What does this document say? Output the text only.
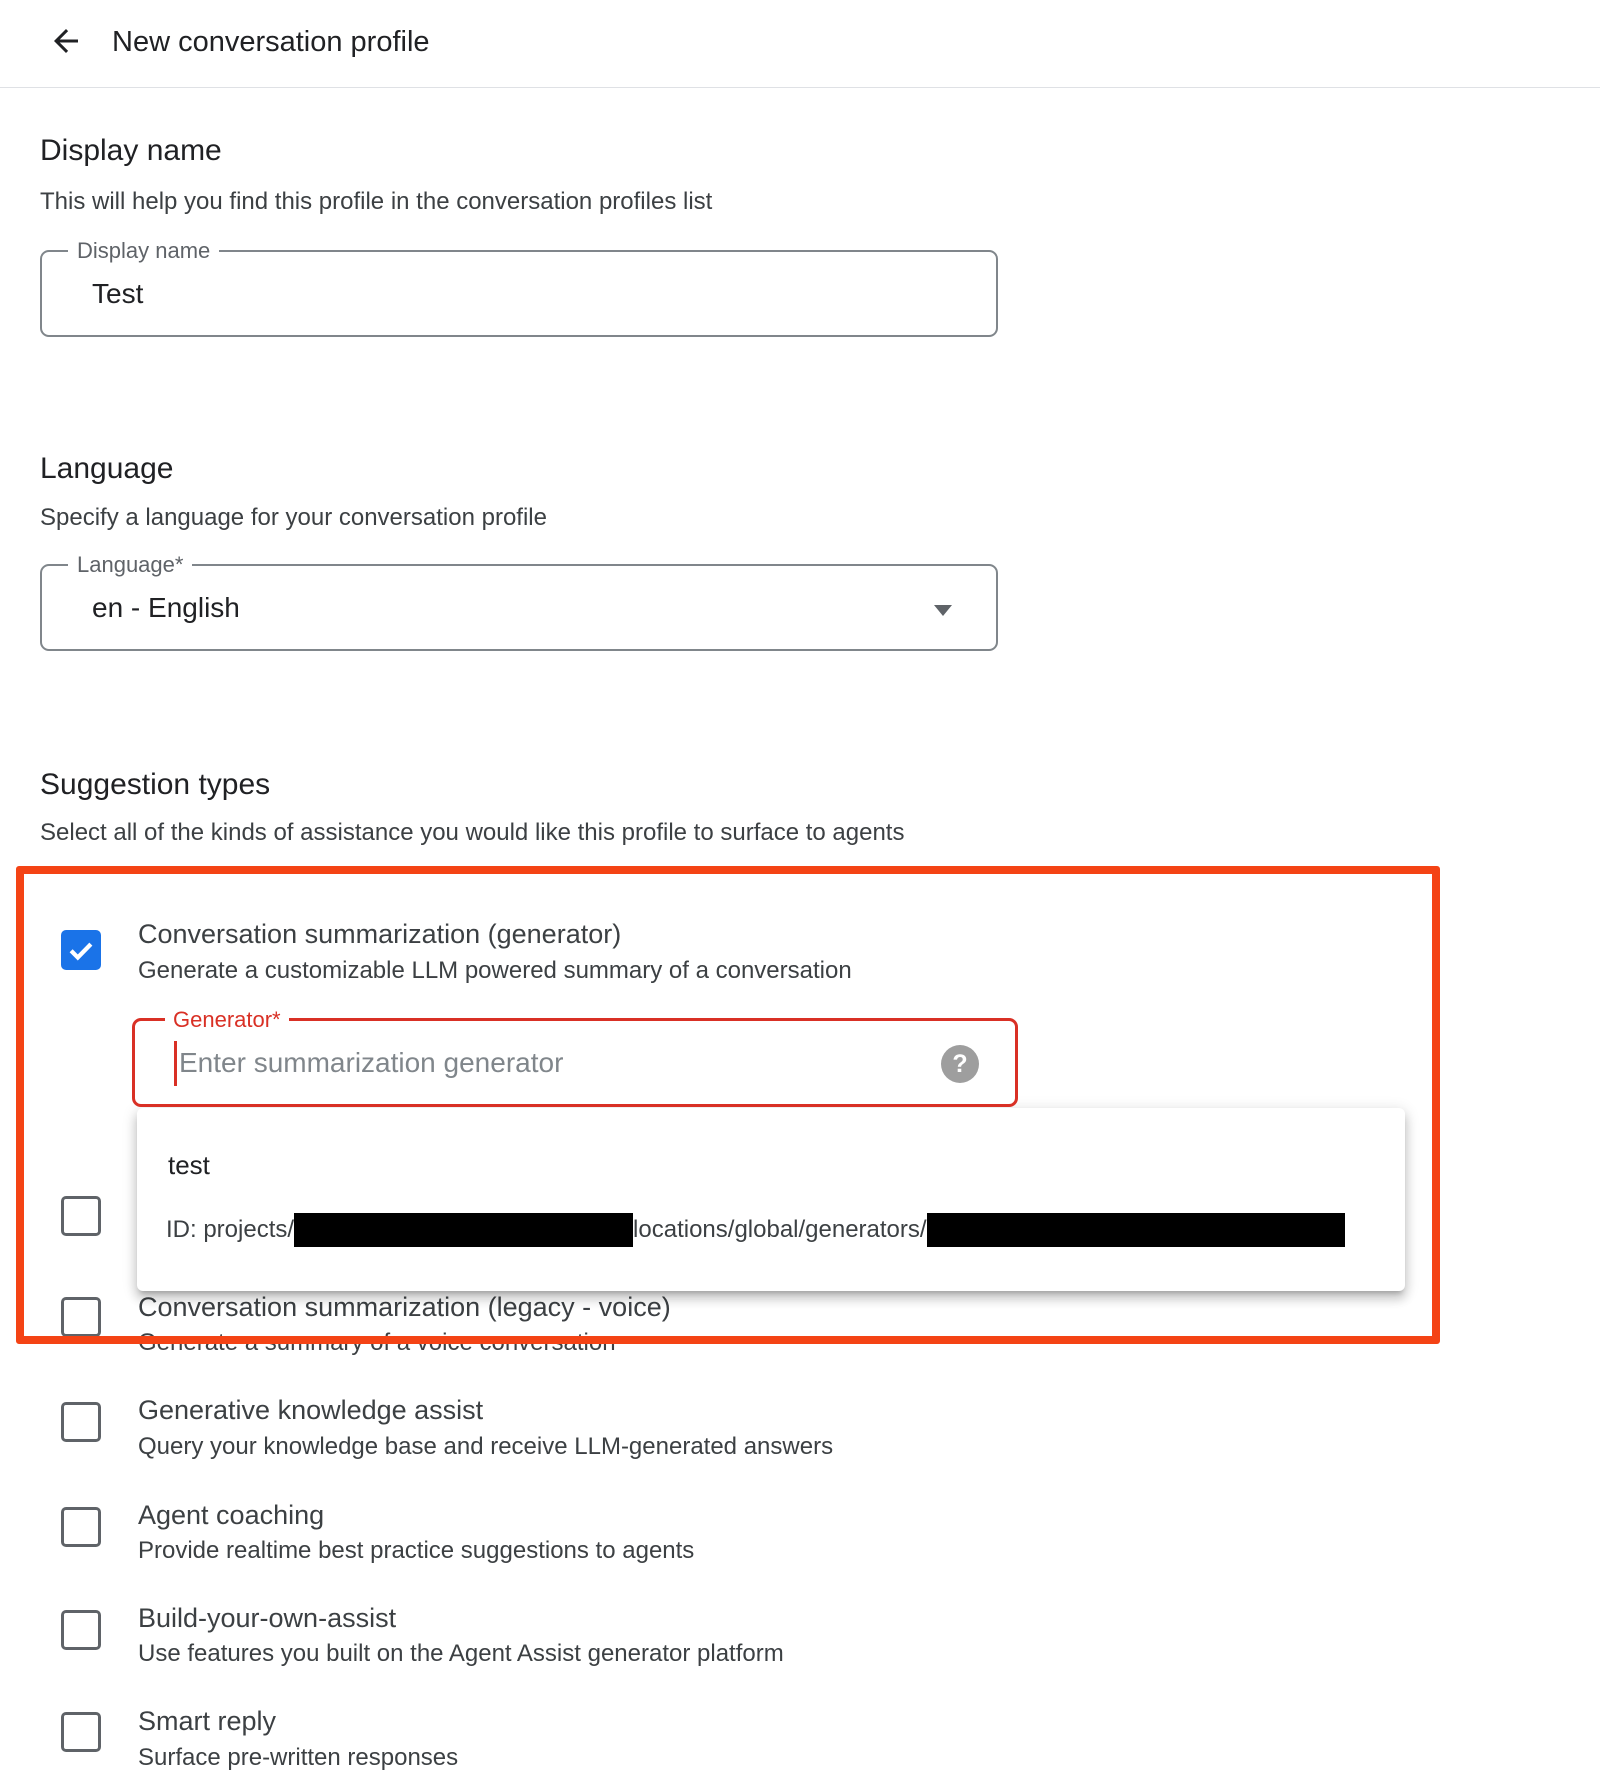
New conversation profile
Display name
This will help you find this profile in the conversation profiles list
Display name
Test
Language
Specify a language for your conversation profile
Language*
en - English
Suggestion types
Select all of the kinds of assistance you would like this profile to surface to agents
Conversation summarization (generator)
Generate a customizable LLM powered summary of a conversation
Generator*
Enter summarization generator
?
Conversation summarization (legacy - voice)
Generate a summary of a voice conversation
test
ID: projects/	locations/global/generators/
Generative knowledge assist
Query your knowledge base and receive LLM-generated answers
Agent coaching
Provide realtime best practice suggestions to agents
Build-your-own-assist
Use features you built on the Agent Assist generator platform
Smart reply
Surface pre-written responses
